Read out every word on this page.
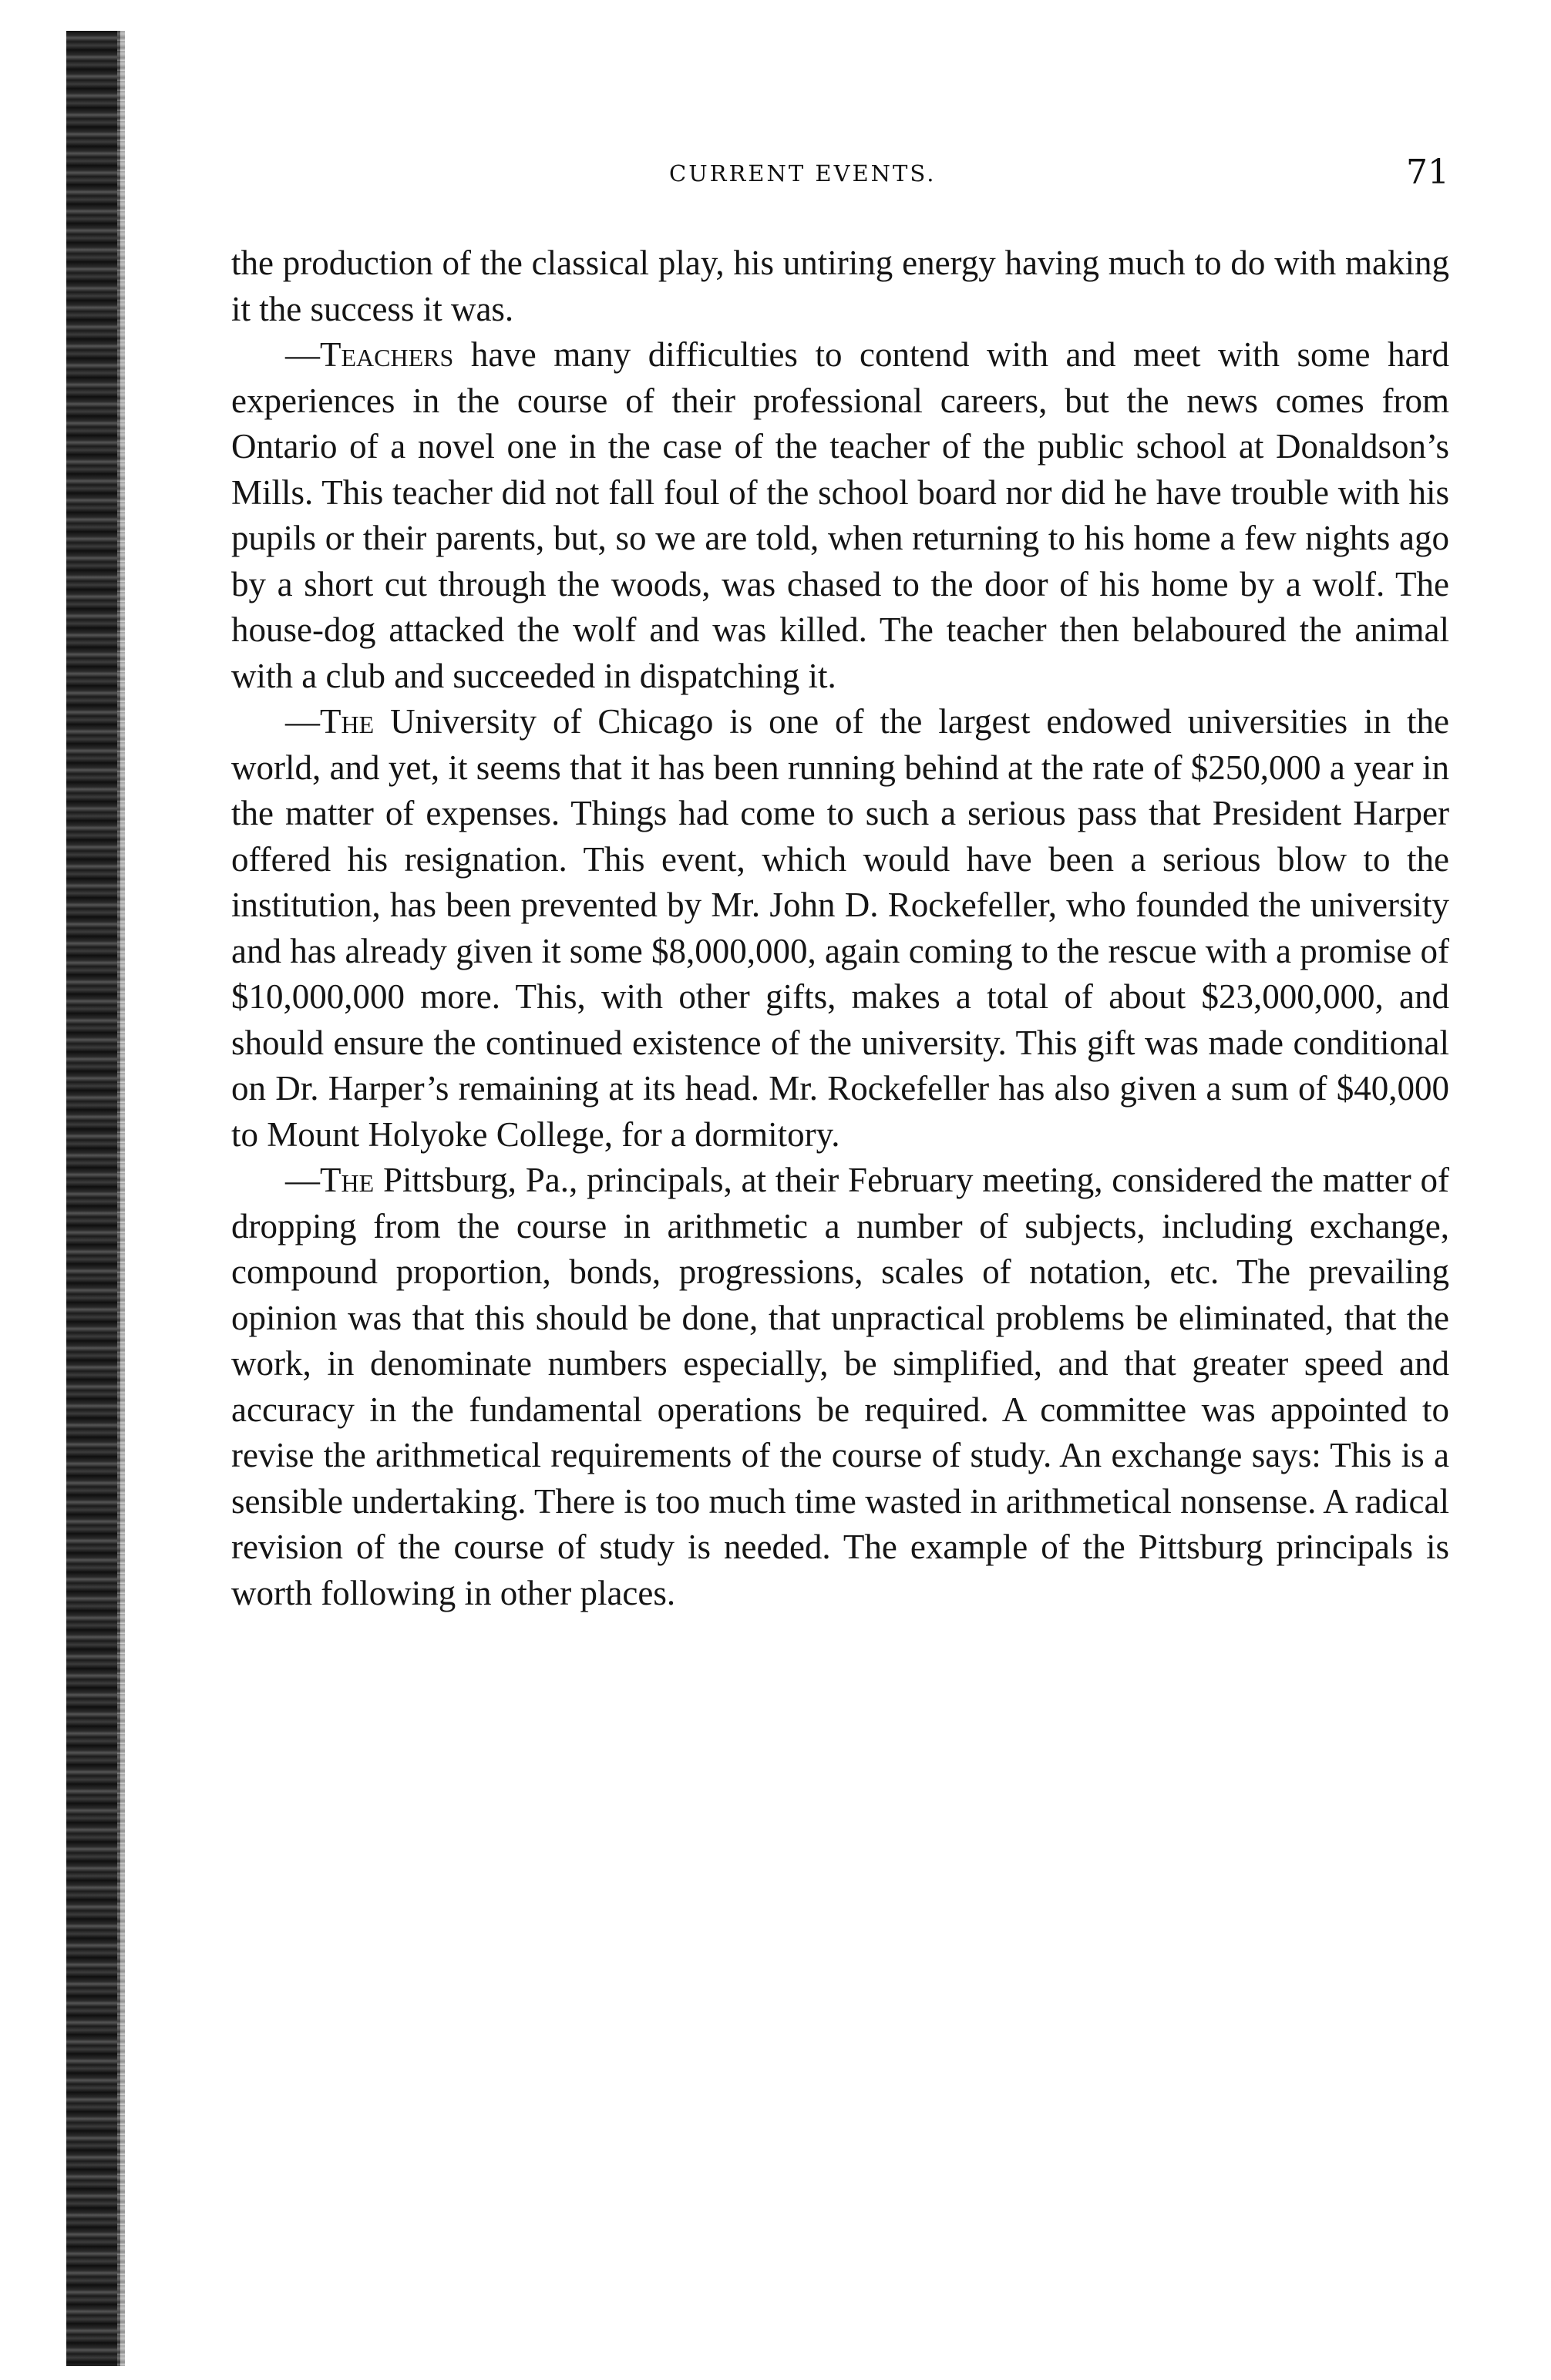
CURRENT EVENTS.	71

the production of the classical play, his untiring energy having much to do with making it the success it was.

—Teachers have many difficulties to contend with and meet with some hard experiences in the course of their professional careers, but the news comes from Ontario of a novel one in the case of the teacher of the public school at Donaldson’s Mills. This teacher did not fall foul of the school board nor did he have trouble with his pupils or their parents, but, so we are told, when returning to his home a few nights ago by a short cut through the woods, was chased to the door of his home by a wolf. The house-dog attacked the wolf and was killed. The teacher then belaboured the animal with a club and succeeded in dispatching it.

—The University of Chicago is one of the largest endowed universities in the world, and yet, it seems that it has been running behind at the rate of $250,000 a year in the matter of expenses. Things had come to such a serious pass that President Harper offered his resignation. This event, which would have been a serious blow to the institution, has been prevented by Mr. John D. Rockefeller, who founded the university and has already given it some $8,000,000, again coming to the rescue with a promise of $10,000,000 more. This, with other gifts, makes a total of about $23,000,000, and should ensure the continued existence of the university. This gift was made conditional on Dr. Harper’s remaining at its head. Mr. Rockefeller has also given a sum of $40,000 to Mount Holyoke College, for a dormitory.

—The Pittsburg, Pa., principals, at their February meeting, considered the matter of dropping from the course in arithmetic a number of subjects, including exchange, compound proportion, bonds, progressions, scales of notation, etc. The prevailing opinion was that this should be done, that unpractical problems be eliminated, that the work, in denominate numbers especially, be simplified, and that greater speed and accuracy in the fundamental operations be required. A committee was appointed to revise the arithmetical requirements of the course of study. An exchange says: This is a sensible undertaking. There is too much time wasted in arithmetical nonsense. A radical revision of the course of study is needed. The example of the Pittsburg principals is worth following in other places.
